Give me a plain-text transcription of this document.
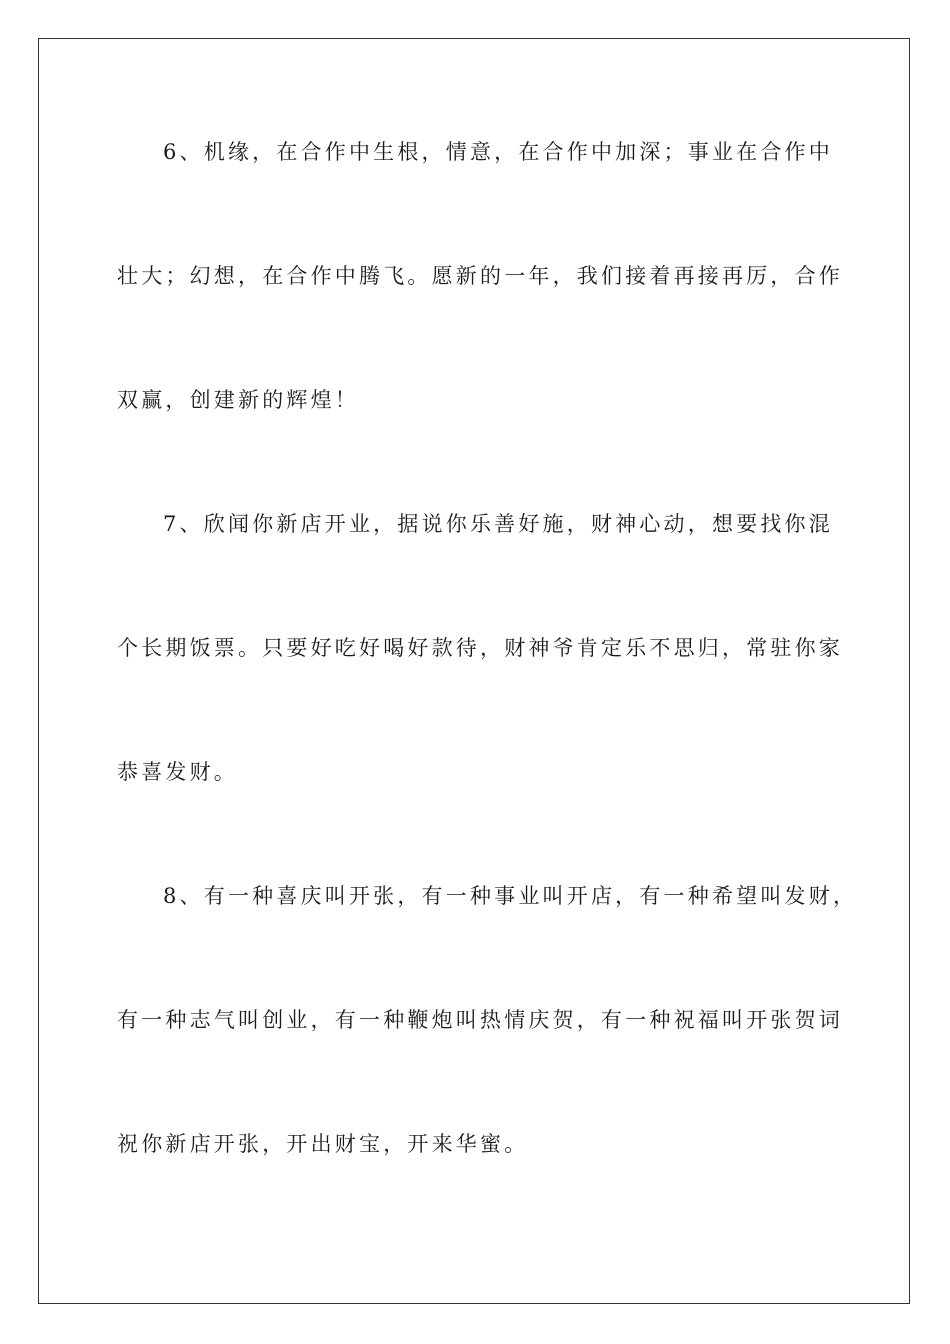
6、机缘，在合作中生根，情意，在合作中加深；事业在合作中
壮大；幻想，在合作中腾飞。愿新的一年，我们接着再接再厉，合作
双赢，创建新的辉煌！
7、欣闻你新店开业，据说你乐善好施，财神心动，想要找你混
个长期饭票。只要好吃好喝好款待，财神爷肯定乐不思归，常驻你家
恭喜发财。
8、有一种喜庆叫开张，有一种事业叫开店，有一种希望叫发财，
有一种志气叫创业，有一种鞭炮叫热情庆贺，有一种祝福叫开张贺词
祝你新店开张，开出财宝，开来华蜜。
